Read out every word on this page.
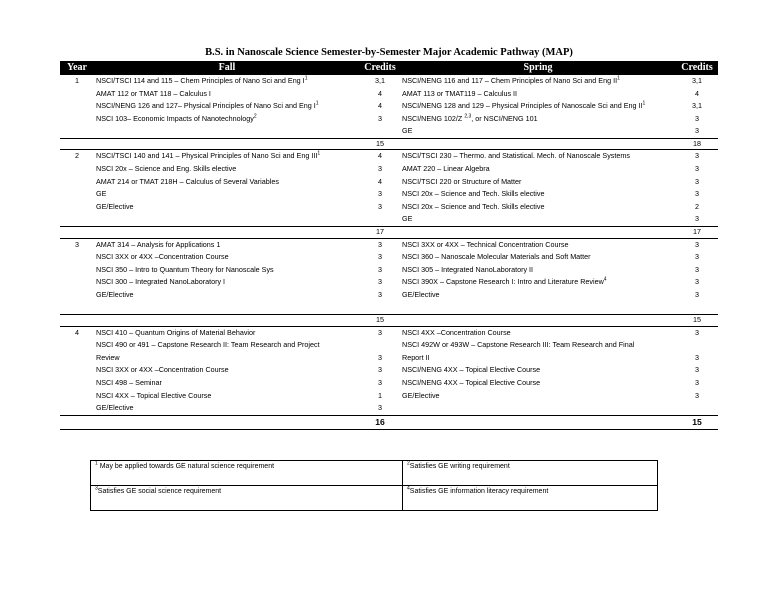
B.S. in Nanoscale Science Semester-by-Semester Major Academic Pathway (MAP)
Year	Fall	Credits	Spring	Credits
1	NSCI/TSCI 114 and 115 – Chem Principles of Nano Sci and Eng $I^1$	3,1	NSCI/NENG 116 and 117 – Chem Principles of Nano Sci and Eng $II^1$	3,1
	AMAT 112 or TMAT 118 – Calculus I	4	AMAT 113 or TMAT119 – Calculus II	4
	NSCI/NENG 126 and 127– Physical Principles of Nano Sci and Eng $I^1$	4	NSCI/NENG 128 and 129 – Physical Principles of Nanoscale Sci and Eng $II^1$	3,1
	NSCI 103– Economic Impacts of Nanotechnology$^2$	3	NSCI/NENG 102/Z $^{2,3}$, or NSCI/NENG 101	3
			GE	3
		15		18
2	NSCI/TSCI 140 and 141 – Physical Principles of Nano Sci and Eng III$^1$	4	NSCI/TSCI 230 – Thermo. and Statistical. Mech. of Nanoscale Systems	3
	NSCI 20x – Science and Eng. Skills elective	3	AMAT 220 – Linear Algebra	3
	AMAT 214 or TMAT 218H – Calculus of Several Variables	4	NSCI/TSCI 220 or Structure of Matter	3
	GE	3	NSCI 20x – Science and Tech. Skills elective	3
	GE/Elective	3	NSCI 20x – Science and Tech. Skills elective	2
			GE	3
		17		17
3	AMAT 314 – Analysis for Applications 1	3	NSCI 3XX or 4XX – Technical Concentration Course	3
	NSCI 3XX or 4XX –Concentration Course	3	NSCI 360 – Nanoscale Molecular Materials and Soft Matter	3
	NSCI 350 – Intro to Quantum Theory for Nanoscale Sys	3	NSCI 305 – Integrated NanoLaboratory II	3
	NSCI 300 – Integrated NanoLaboratory I	3	NSCI 390X – Capstone Research I: Intro and Literature Review$^4$	3
	GE/Elective	3	GE/Elective	3

		15		15
4	NSCI 410 – Quantum Origins of Material Behavior	3	NSCI 4XX –Concentration Course	3
	NSCI 490 or 491 – Capstone Research II: Team Research and Project		NSCI 492W or 493W – Capstone Research III: Team Research and Final	
	Review	3	Report II	3
	NSCI 3XX or 4XX –Concentration Course	3	NSCI/NENG 4XX – Topical Elective Course	3
	NSCI 498 – Seminar	3	NSCI/NENG 4XX – Topical Elective Course	3
	NSCI 4XX – Topical Elective Course	1	GE/Elective	3
	GE/Elective	3		
		16		15
$^1$ May be applied towards GE natural science requirement	$^2$Satisfies GE writing requirement
$^3$Satisfies GE social science requirement	$^4$Satisfies GE information literacy requirement
